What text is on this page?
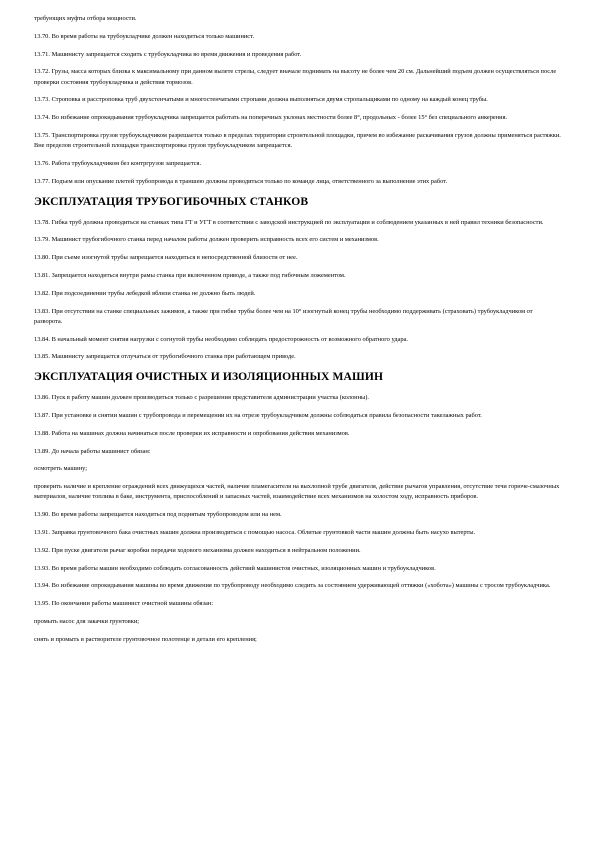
требующих муфты отбора мощности.

13.70. Во время работы на трубоукладчике должен находиться только машинист.

13.71. Машинисту запрещается сходить с трубоукладчика во время движения и проведения работ.

13.72. Грузы, масса которых близка к максимальному при данном вылете стрелы, следует вначале поднимать на высоту не более чем 20 см. Дальнейший подъем должен осуществляться после проверки состояния трубоукладчика и действия тормозов.

13.73. Строповка и расстроповка труб двухстенчатыми и многостенчатыми стропами должна выполняться двумя стропальщиками по одному на каждый конец трубы.

13.74. Во избежание опрокидывания трубоукладчика запрещается работать на поперечных уклонах местности более 8°, продольных - более 15° без специального анкерения.

13.75. Транспортировка грузов трубоукладчиком разрешается только в пределах территории строительной площадки, причем во избежание раскачивания грузов должны применяться растяжки. Вне пределов строительной площадки транспортировка грузов трубоукладчиком запрещается.

13.76. Работа трубоукладчиком без контргрузов запрещается.

13.77. Подъем или опускание плетей трубопровода в траншею должны проводиться только по команде лица, ответственного за выполнение этих работ.

ЭКСПЛУАТАЦИЯ ТРУБОГИБОЧНЫХ СТАНКОВ

13.78. Гибка труб должна проводиться на станках типа ГТ и УГТ в соответствии с заводской инструкцией по эксплуатации и соблюдением указанных в ней правил техники безопасности.

13.79. Машинист трубогибочного станка перед началом работы должен проверить исправность всех его систем и механизмов.

13.80. При съеме изогнутой трубы запрещается находиться в непосредственной близости от нее.

13.81. Запрещается находиться внутри рамы станка при включенном приводе, а также под гибочным ложементом.

13.82. При подсоединении трубы лебедкой вблизи станка не должно быть людей.

13.83. При отсутствии на станке специальных зажимов, а также при гибке трубы более чем на 10° изогнутый конец трубы необходимо поддерживать (страховать) трубоукладчиком от разворота.

13.84. В начальный момент снятия нагрузки с согнутой трубы необходимо соблюдать предосторожность от возможного обратного удара.

13.85. Машинисту запрещается отлучаться от трубогибочного станка при работающем приводе.

ЭКСПЛУАТАЦИЯ ОЧИСТНЫХ И ИЗОЛЯЦИОННЫХ МАШИН

13.86. Пуск в работу машин должен производиться только с разрешения представителя администрации участка (колонны).

13.87. При установке и снятии машин с трубопровода и перемещении их на отрезе трубоукладчиком должны соблюдаться правила безопасности такелажных работ.

13.88. Работа на машинах должна начинаться после проверки их исправности и опробования действия механизмов.

13.89. До начала работы машинист обязан:

осмотреть машину;

проверить наличие и крепление ограждений всех движущихся частей, наличие пламегасителя на выхлопной трубе двигателя, действие рычагов управления, отсутствие течи горюче-смазочных материалов, наличие топлива в баке, инструмента, приспособлений и запасных частей, взаимодействие всех механизмов на холостом ходу, исправность приборов.

13.90. Во время работы запрещается находиться под поднятым трубопроводом или на нем.

13.91. Заправка грунтовочного бака очистных машин должна производиться с помощью насоса. Облитые грунтовкой части машин должны быть насухо вытерты.

13.92. При пуске двигателя рычаг коробки передачи ходового механизма должен находиться в нейтральном положении.

13.93. Во время работы машин необходимо соблюдать согласованность действий машинистов очистных, изоляционных машин и трубоукладчиков.

13.94. Во избежание опрокидывания машины во время движения по трубопроводу необходимо следить за состоянием удерживающей оттяжки («хобота») машины с тросом трубоукладчика.

13.95. По окончании работы машинист очистной машины обязан:

промыть насос для закачки грунтовки;

снять и промыть в растворителе грунтовочное полотенце и детали его крепления;
